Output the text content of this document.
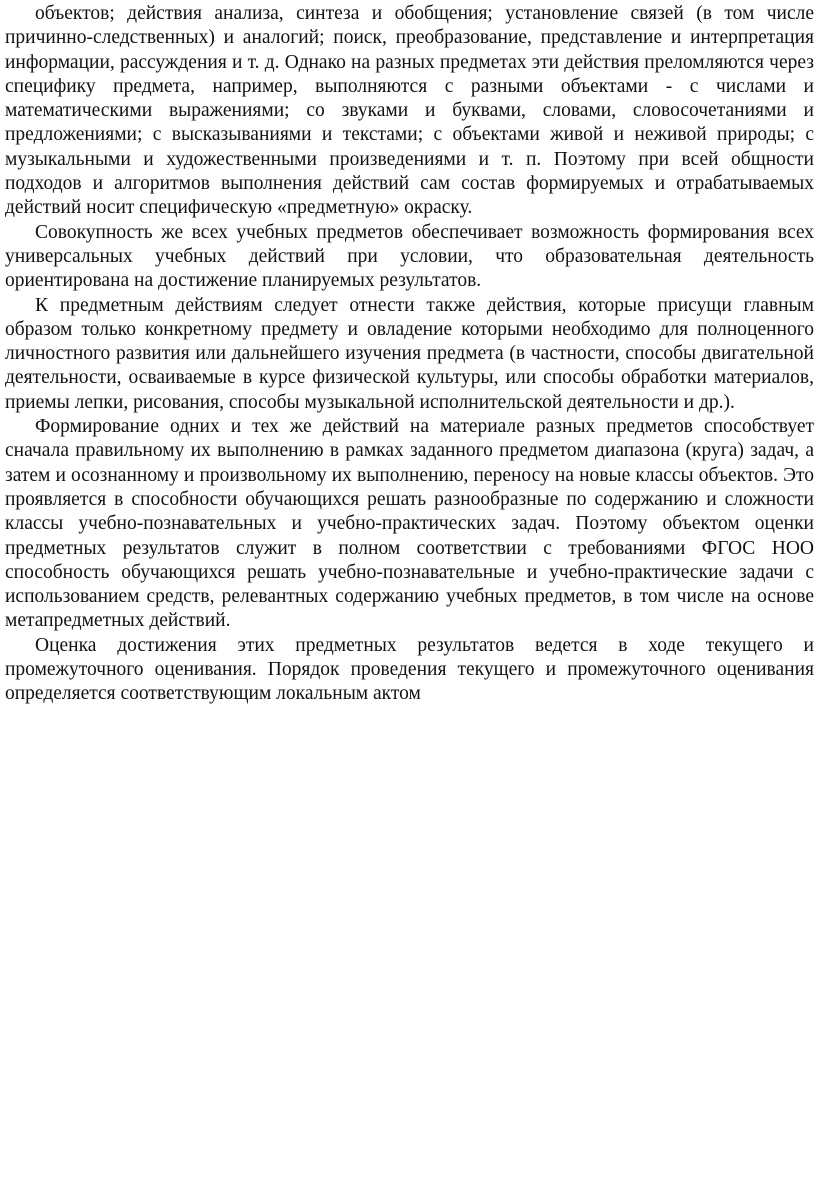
объектов; действия анализа, синтеза и обобщения; установление связей (в том числе причинно-следственных) и аналогий; поиск, преобразование, представление и интерпретация информации, рассуждения и т. д. Однако на разных предметах эти действия преломляются через специфику предмета, например, выполняются с разными объектами - с числами и математическими выражениями; со звуками и буквами, словами, словосочетаниями и предложениями; с высказываниями и текстами; с объектами живой и неживой природы; с музыкальными и художественными произведениями и т. п. Поэтому при всей общности подходов и алгоритмов выполнения действий сам состав формируемых и отрабатываемых действий носит специфическую «предметную» окраску.

Совокупность же всех учебных предметов обеспечивает возможность формирования всех универсальных учебных действий при условии, что образовательная деятельность ориентирована на достижение планируемых результатов.

К предметным действиям следует отнести также действия, которые присущи главным образом только конкретному предмету и овладение которыми необходимо для полноценного личностного развития или дальнейшего изучения предмета (в частности, способы двигательной деятельности, осваиваемые в курсе физической культуры, или способы обработки материалов, приемы лепки, рисования, способы музыкальной исполнительской деятельности и др.).

Формирование одних и тех же действий на материале разных предметов способствует сначала правильному их выполнению в рамках заданного предметом диапазона (круга) задач, а затем и осознанному и произвольному их выполнению, переносу на новые классы объектов. Это проявляется в способности обучающихся решать разнообразные по содержанию и сложности классы учебно-познавательных и учебно-практических задач. Поэтому объектом оценки предметных результатов служит в полном соответствии с требованиями ФГОС НОО способность обучающихся решать учебно-познавательные и учебно-практические задачи с использованием средств, релевантных содержанию учебных предметов, в том числе на основе метапредметных действий.

Оценка достижения этих предметных результатов ведется в ходе текущего и промежуточного оценивания. Порядок проведения текущего и промежуточного оценивания определяется соответствующим локальным актом
